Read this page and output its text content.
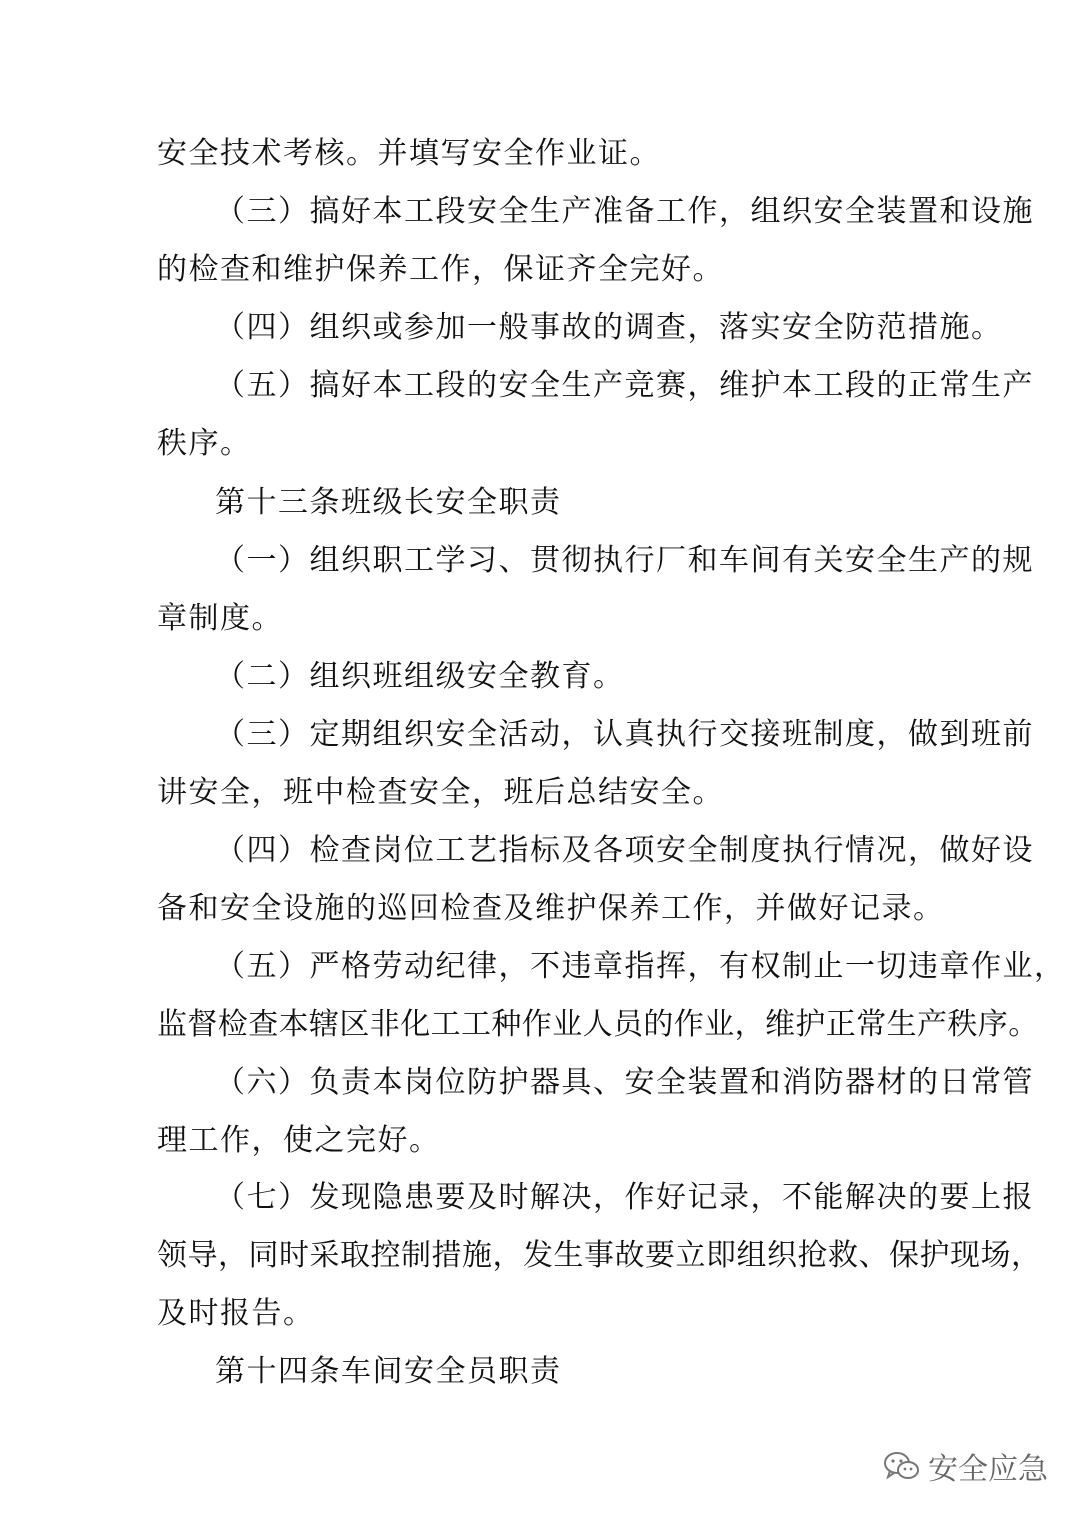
安全技术考核。并填写安全作业证。
（三）搞好本工段安全生产准备工作，组织安全装置和设施
的检查和维护保养工作，保证齐全完好。
（四）组织或参加一般事故的调查，落实安全防范措施。
（五）搞好本工段的安全生产竞赛，维护本工段的正常生产
秩序。
第十三条班级长安全职责
（一）组织职工学习、贯彻执行厂和车间有关安全生产的规
章制度。
（二）组织班组级安全教育。
（三）定期组织安全活动，认真执行交接班制度，做到班前
讲安全，班中检查安全，班后总结安全。
（四）检查岗位工艺指标及各项安全制度执行情况，做好设
备和安全设施的巡回检查及维护保养工作，并做好记录。
（五）严格劳动纪律，不违章指挥，有权制止一切违章作业，
监督检查本辖区非化工工种作业人员的作业，维护正常生产秩序。
（六）负责本岗位防护器具、安全装置和消防器材的日常管
理工作，使之完好。
（七）发现隐患要及时解决，作好记录，不能解决的要上报
领导，同时采取控制措施，发生事故要立即组织抢救、保护现场，
及时报告。
第十四条车间安全员职责
安全应急
